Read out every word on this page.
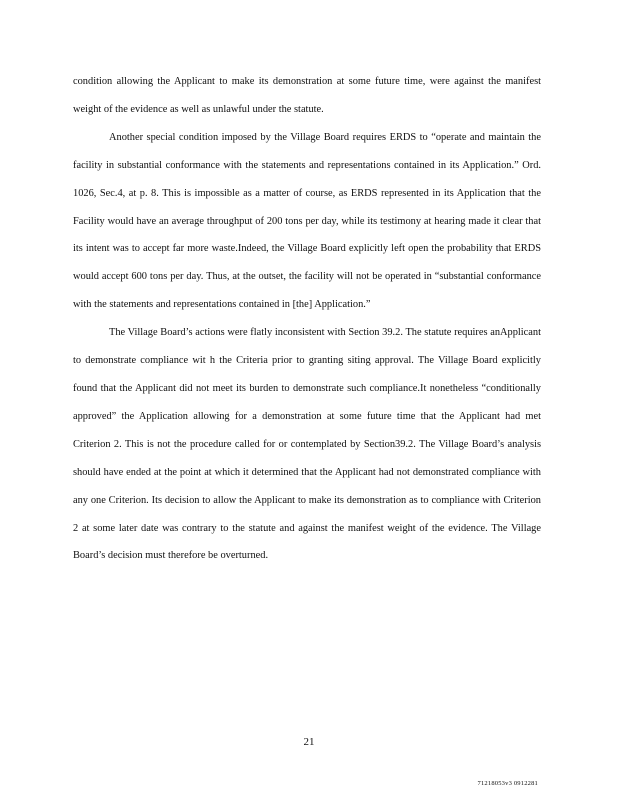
condition allowing the Applicant to make its demonstration at some future time, were against the manifest weight of the evidence as well as unlawful under the statute.

Another special condition imposed by the Village Board requires ERDS to “operate and maintain the facility in substantial conformance with the statements and representations contained in its Application.” Ord. 1026, Sec.4, at p. 8. This is impossible as a matter of course, as ERDS represented in its Application that the Facility would have an average throughput of 200 tons per day, while its testimony at hearing made it clear that its intent was to accept far more waste.Indeed, the Village Board explicitly left open the probability that ERDS would accept 600 tons per day. Thus, at the outset, the facility will not be operated in “substantial conformance with the statements and representations contained in [the] Application.”

The Village Board’s actions were flatly inconsistent with Section 39.2. The statute requires anApplicant to demonstrate compliance wit h the Criteria prior to granting siting approval. The Village Board explicitly found that the Applicant did not meet its burden to demonstrate such compliance.It nonetheless “conditionally approved” the Application allowing for a demonstration at some future time that the Applicant had met Criterion 2. This is not the procedure called for or contemplated by Section39.2. The Village Board’s analysis should have ended at the point at which it determined that the Applicant had not demonstrated compliance with any one Criterion. Its decision to allow the Applicant to make its demonstration as to compliance with Criterion 2 at some later date was contrary to the statute and against the manifest weight of the evidence. The Village Board’s decision must therefore be overturned.

21
71218053v3 0912281
